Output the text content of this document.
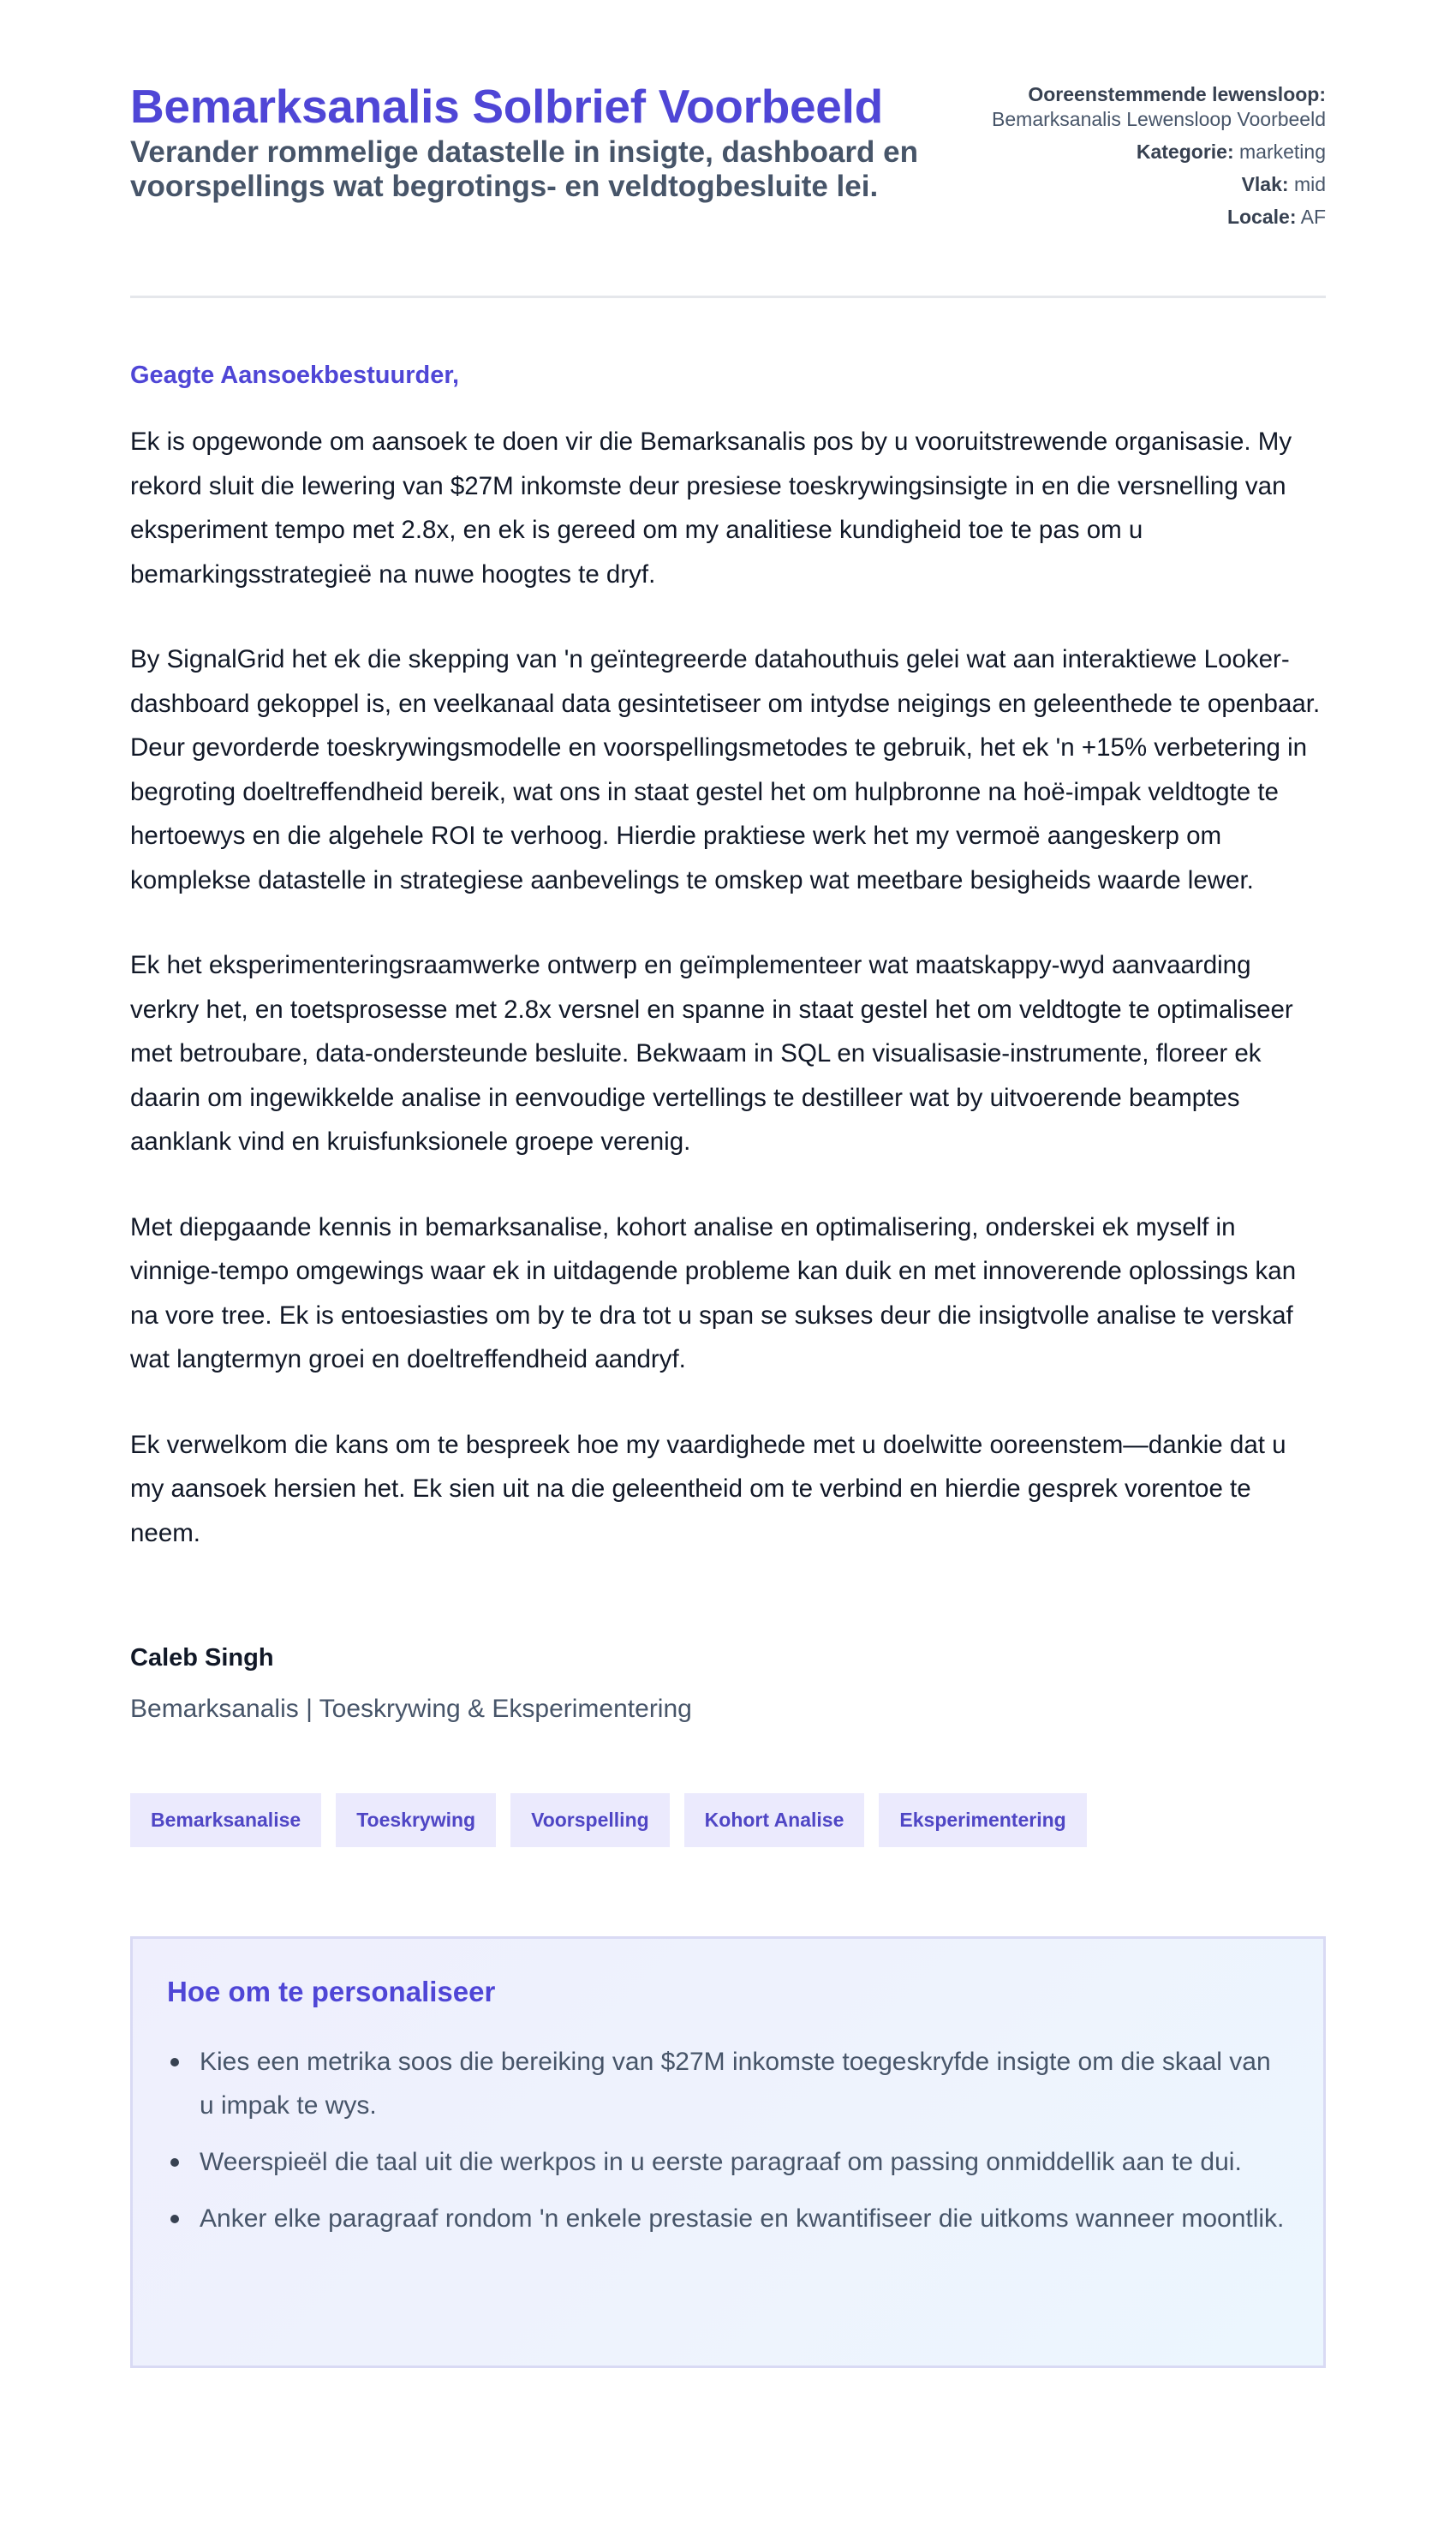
Bemarksanalis Solbrief Voorbeeld
Verander rommelige datastelle in insigte, dashboard en voorspellings wat begrotings- en veldtogbesluite lei.
Ooreenstemmende lewensloop:
Bemarksanalis Lewensloop Voorbeeld
Kategorie: marketing
Vlak: mid
Locale: AF

Geagte Aansoekbestuurder,

Ek is opgewonde om aansoek te doen vir die Bemarksanalis pos by u vooruitstrewende organisasie. My rekord sluit die lewering van $27M inkomste deur presiese toeskrywingsinsigte in en die versnelling van eksperiment tempo met 2.8x, en ek is gereed om my analitiese kundigheid toe te pas om u bemarkingsstrategieë na nuwe hoogtes te dryf.

By SignalGrid het ek die skepping van 'n geïntegreerde datahouthuis gelei wat aan interaktiewe Looker-dashboard gekoppel is, en veelkanaal data gesintetiseer om intydse neigings en geleenthede te openbaar. Deur gevorderde toeskrywingsmodelle en voorspellingsmetodes te gebruik, het ek 'n +15% verbetering in begroting doeltreffendheid bereik, wat ons in staat gestel het om hulpbronne na hoë-impak veldtogte te hertoewys en die algehele ROI te verhoog. Hierdie praktiese werk het my vermoë aangeskerp om komplekse datastelle in strategiese aanbevelings te omskep wat meetbare besigheids waarde lewer.

Ek het eksperimenteringsraamwerke ontwerp en geïmplementeer wat maatskappy-wyd aanvaarding verkry het, en toetsprosesse met 2.8x versnel en spanne in staat gestel het om veldtogte te optimaliseer met betroubare, data-ondersteunde besluite. Bekwaam in SQL en visualisasie-instrumente, floreer ek daarin om ingewikkelde analise in eenvoudige vertellings te destilleer wat by uitvoerende beamptes aanklank vind en kruisfunksionele groepe verenig.

Met diepgaande kennis in bemarksanalise, kohort analise en optimalisering, onderskei ek myself in vinnige-tempo omgewings waar ek in uitdagende probleme kan duik en met innoverende oplossings kan na vore tree. Ek is entoesiasties om by te dra tot u span se sukses deur die insigtvolle analise te verskaf wat langtermyn groei en doeltreffendheid aandryf.

Ek verwelkom die kans om te bespreek hoe my vaardighede met u doelwitte ooreenstem—dankie dat u my aansoek hersien het. Ek sien uit na die geleentheid om te verbind en hierdie gesprek vorentoe te neem.

Caleb Singh
Bemarksanalis | Toeskrywing & Eksperimentering
Bemarksanalise	Toeskrywing	Voorspelling	Kohort Analise	Eksperimentering
Hoe om te personaliseer
Kies een metrika soos die bereiking van $27M inkomste toegeskryfde insigte om die skaal van u impak te wys.
Weerspieël die taal uit die werkpos in u eerste paragraaf om passing onmiddellik aan te dui.
Anker elke paragraaf rondom 'n enkele prestasie en kwantifiseer die uitkoms wanneer moontlik.
